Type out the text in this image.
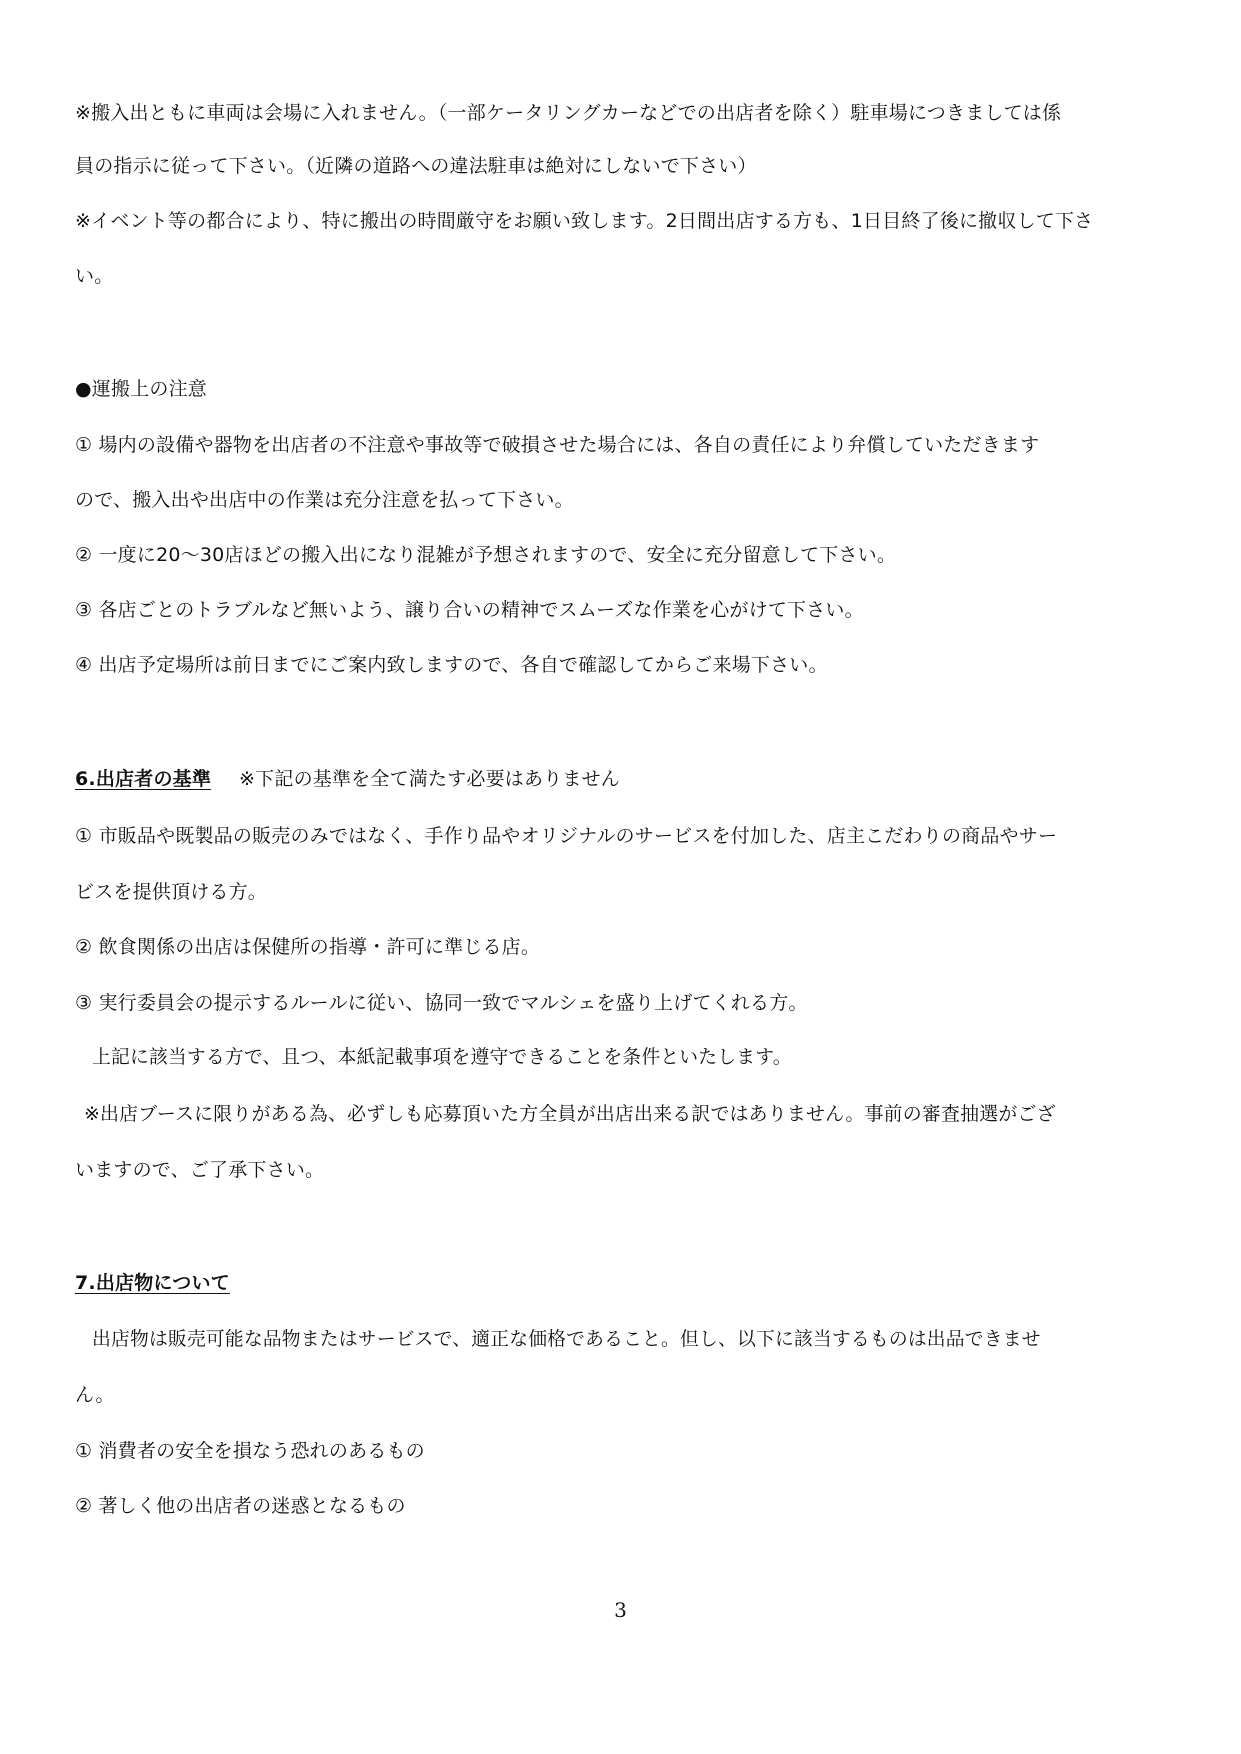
※搬入出ともに車両は会場に入れません。（一部ケータリングカーなどでの出店者を除く）駐車場につきましては係
員の指示に従って下さい。（近隣の道路への違法駐車は絶対にしないで下さい）
※イベント等の都合により、特に搬出の時間厳守をお願い致します。2日間出店する方も、1日目終了後に撤収して下さ
い。
●運搬上の注意
① 場内の設備や器物を出店者の不注意や事故等で破損させた場合には、各自の責任により弁償していただきます
ので、搬入出や出店中の作業は充分注意を払って下さい。
② 一度に20～30店ほどの搬入出になり混雑が予想されますので、安全に充分留意して下さい。
③ 各店ごとのトラブルなど無いよう、譲り合いの精神でスムーズな作業を心がけて下さい。
④ 出店予定場所は前日までにご案内致しますので、各自で確認してからご来場下さい。
6.出店者の基準 ※下記の基準を全て満たす必要はありません
① 市販品や既製品の販売のみではなく、手作り品やオリジナルのサービスを付加した、店主こだわりの商品やサー
ビスを提供頂ける方。
② 飲食関係の出店は保健所の指導・許可に準じる店。
③ 実行委員会の提示するルールに従い、協同一致でマルシェを盛り上げてくれる方。
上記に該当する方で、且つ、本紙記載事項を遵守できることを条件といたします。
※出店ブースに限りがある為、必ずしも応募頂いた方全員が出店出来る訳ではありません。事前の審査抽選がござ
いますので、ご了承下さい。
7.出店物について
出店物は販売可能な品物またはサービスで、適正な価格であること。但し、以下に該当するものは出品できませ
ん。
① 消費者の安全を損なう恐れのあるもの
② 著しく他の出店者の迷惑となるもの
3
